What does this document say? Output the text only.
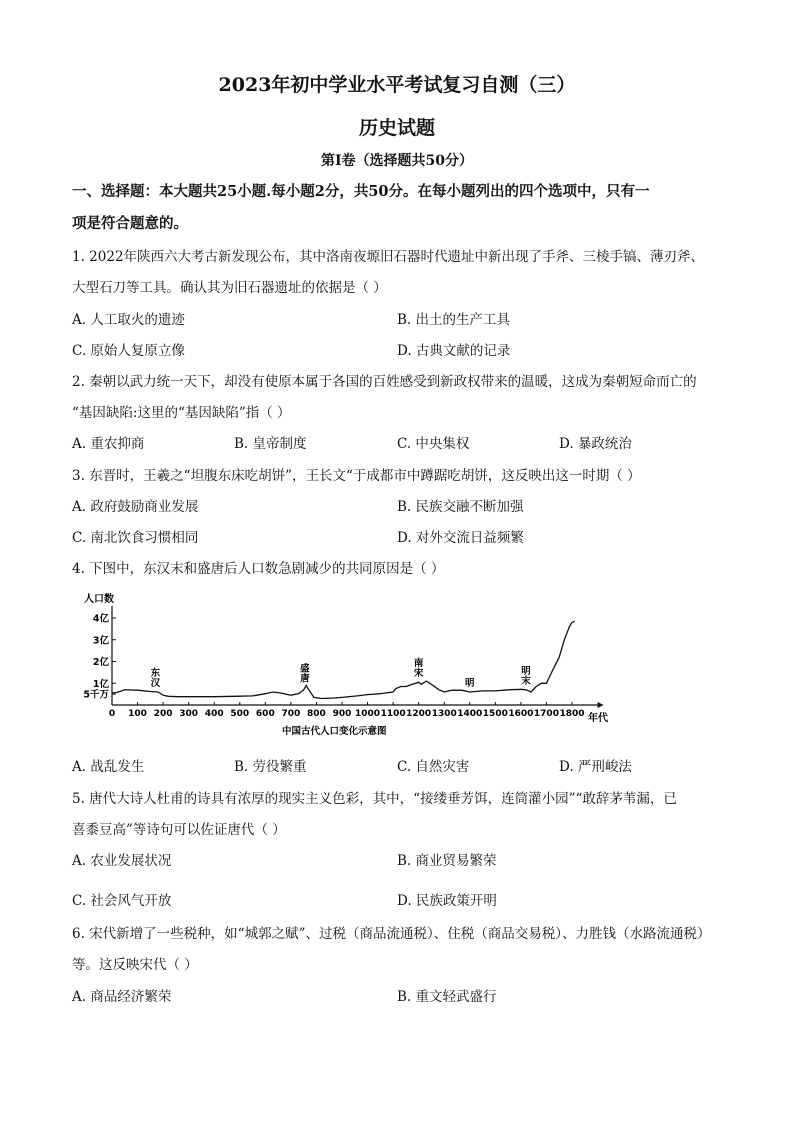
2023年初中学业水平考试复习自测（三）
历史试题
第Ⅰ卷（选择题共50分）
一、选择题：本大题共25小题.每小题2分，共50分。在每小题列出的四个选项中，只有一
项是符合题意的。
1. 2022年陕西六大考古新发现公布，其中洛南夜塬旧石器时代遗址中新出现了手斧、三棱手镐、薄刃斧、
大型石刀等工具。确认其为旧石器遗址的依据是（ ）
A. 人工取火的遗迹	B. 出土的生产工具
C. 原始人复原立像	D. 古典文献的记录
2. 秦朝以武力统一天下，却没有使原本属于各国的百姓感受到新政权带来的温暖，这成为秦朝短命而亡的
“基因缺陷:这里的“基因缺陷”指（ ）
A. 重农抑商	B. 皇帝制度	C. 中央集权	D. 暴政统治
3. 东晋时，王羲之“坦腹东床吃胡饼”，王长文“于成都市中蹲踞吃胡饼，这反映出这一时期（ ）
A. 政府鼓励商业发展	B. 民族交融不断加强
C. 南北饮食习惯相同	D. 对外交流日益频繁
4. 下图中，东汉末和盛唐后人口数急剧减少的共同原因是（ ）
5千万
1亿
2亿
3亿
4亿
0 100 200 300 400 500 600 700 800 900 1000 1100 1200 1300 1400 1500 1600 1700 1800
东
汉
盛
唐
南
宋
明
明
末
人口数
年代
中国古代人口变化示意图
A. 战乱发生	B. 劳役繁重	C. 自然灾害	D. 严刑峻法
5. 唐代大诗人杜甫的诗具有浓厚的现实主义色彩，其中，“接缕垂芳饵，连筒灌小园”“敢辞茅苇漏，已
喜黍豆高”等诗句可以佐证唐代（ ）
A. 农业发展状况	B. 商业贸易繁荣
C. 社会风气开放	D. 民族政策开明
6. 宋代新增了一些税种，如“城郭之赋”、过税（商品流通税）、住税（商品交易税）、力胜钱（水路流通税）
等。这反映宋代（ ）
A. 商品经济繁荣	B. 重文轻武盛行
